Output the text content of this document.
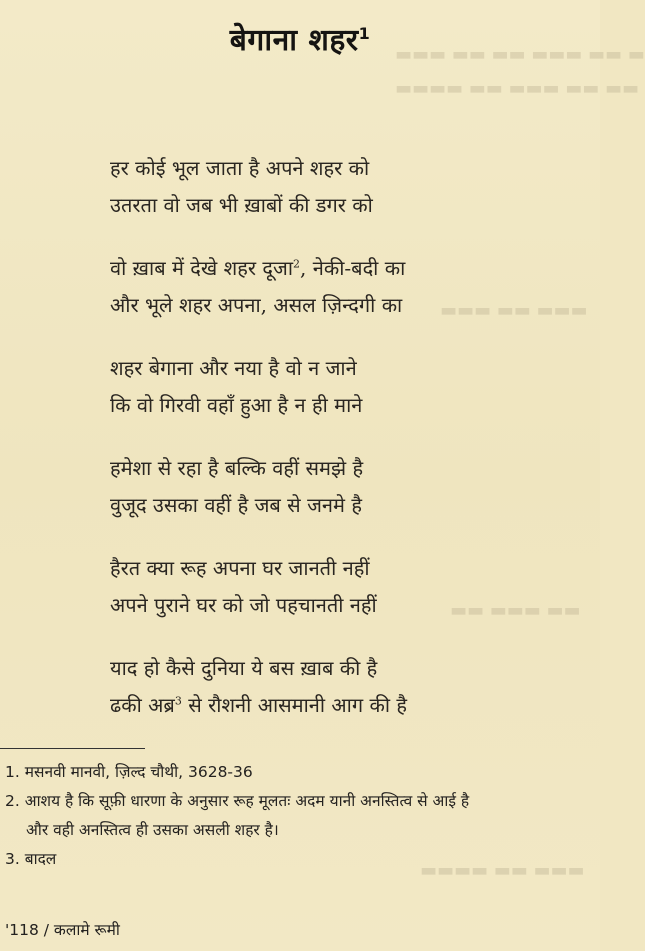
▬▬▬ ▬▬ ▬▬ ▬▬▬ ▬▬ ▬
▬▬▬▬ ▬▬ ▬▬▬ ▬▬ ▬▬
▬▬▬ ▬▬ ▬▬▬
▬▬ ▬▬▬ ▬▬
▬▬▬▬ ▬▬ ▬▬▬
बेगाना शहर$^1$
हर कोई भूल जाता है अपने शहर को
उतरता वो जब भी ख़ाबों की डगर को
वो ख़ाब में देखे शहर दूजा$^2$, नेकी-बदी का
और भूले शहर अपना, असल ज़िन्दगी का
शहर बेगाना और नया है वो न जाने
कि वो गिरवी वहाँ हुआ है न ही माने
हमेशा से रहा है बल्कि वहीं समझे है
वुजूद उसका वहीं है जब से जनमे है
हैरत क्या रूह अपना घर जानती नहीं
अपने पुराने घर को जो पहचानती नहीं
याद हो कैसे दुनिया ये बस ख़ाब की है
ढकी अब्र$^3$ से रौशनी आसमानी आग की है
1. मसनवी मानवी, ज़िल्द चौथी, 3628-36
2. आशय है कि सूफ़ी धारणा के अनुसार रूह मूलतः अदम यानी अनस्तित्व से आई है
और वही अनस्तित्व ही उसका असली शहर है।
3. बादल
'118 / कलामे रूमी
